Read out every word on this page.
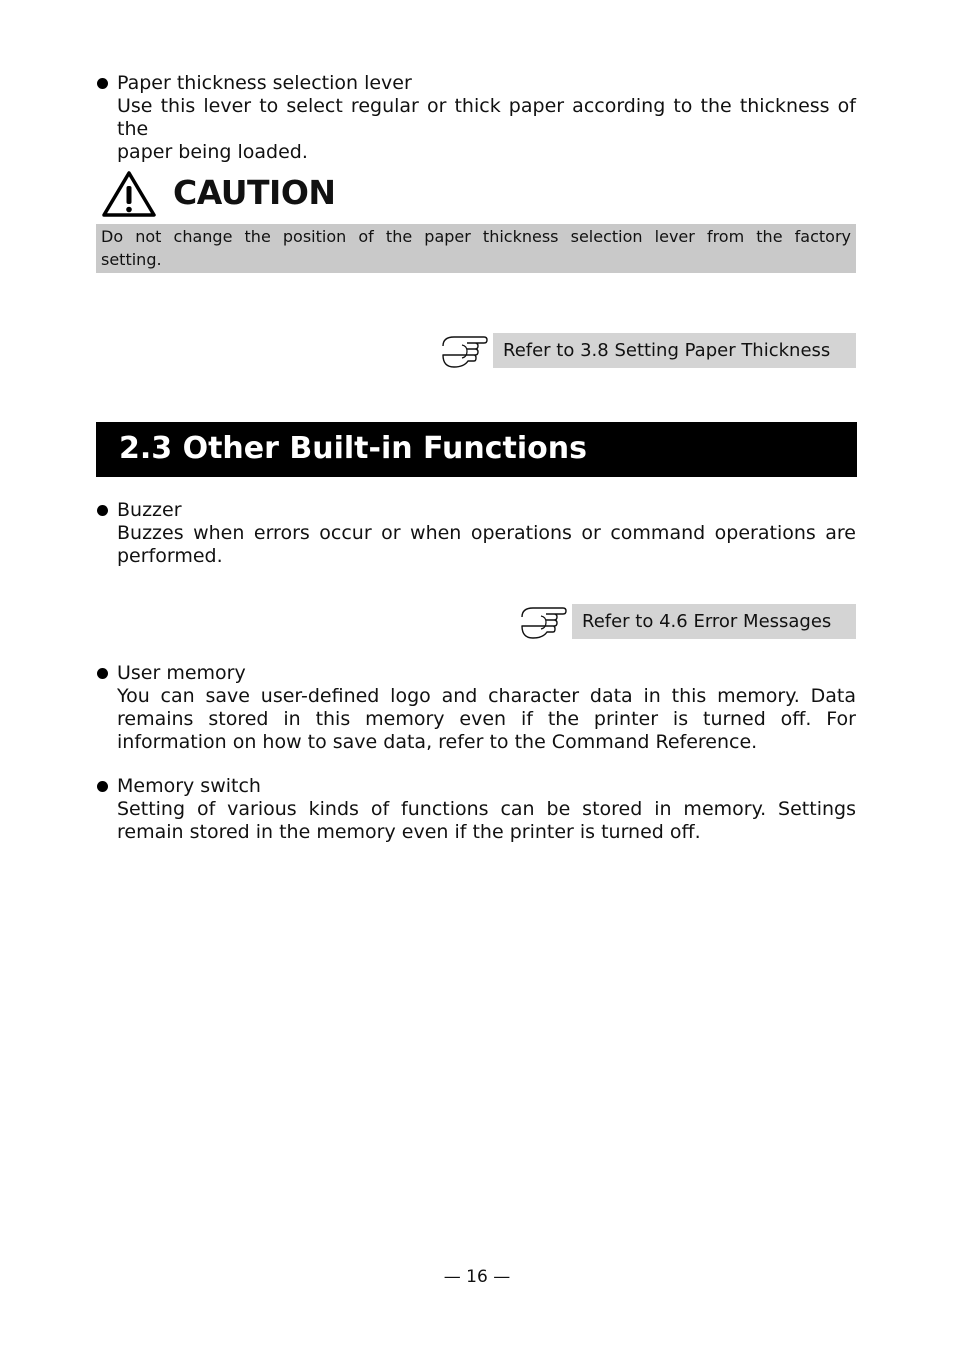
Paper thickness selection lever
Use this lever to select regular or thick paper according to the thickness of the
paper being loaded.
CAUTION
Do not change the position of the paper thickness selection lever from the factory
setting.
Refer to 3.8 Setting Paper Thickness
2.3 Other Built-in Functions
Buzzer
Buzzes when errors occur or when operations or command operations are
performed.
Refer to 4.6 Error Messages
User memory
You can save user-defined logo and character data in this memory. Data
remains stored in this memory even if the printer is turned off. For
information on how to save data, refer to the Command Reference.
Memory switch
Setting of various kinds of functions can be stored in memory. Settings
remain stored in the memory even if the printer is turned off.
— 16 —
